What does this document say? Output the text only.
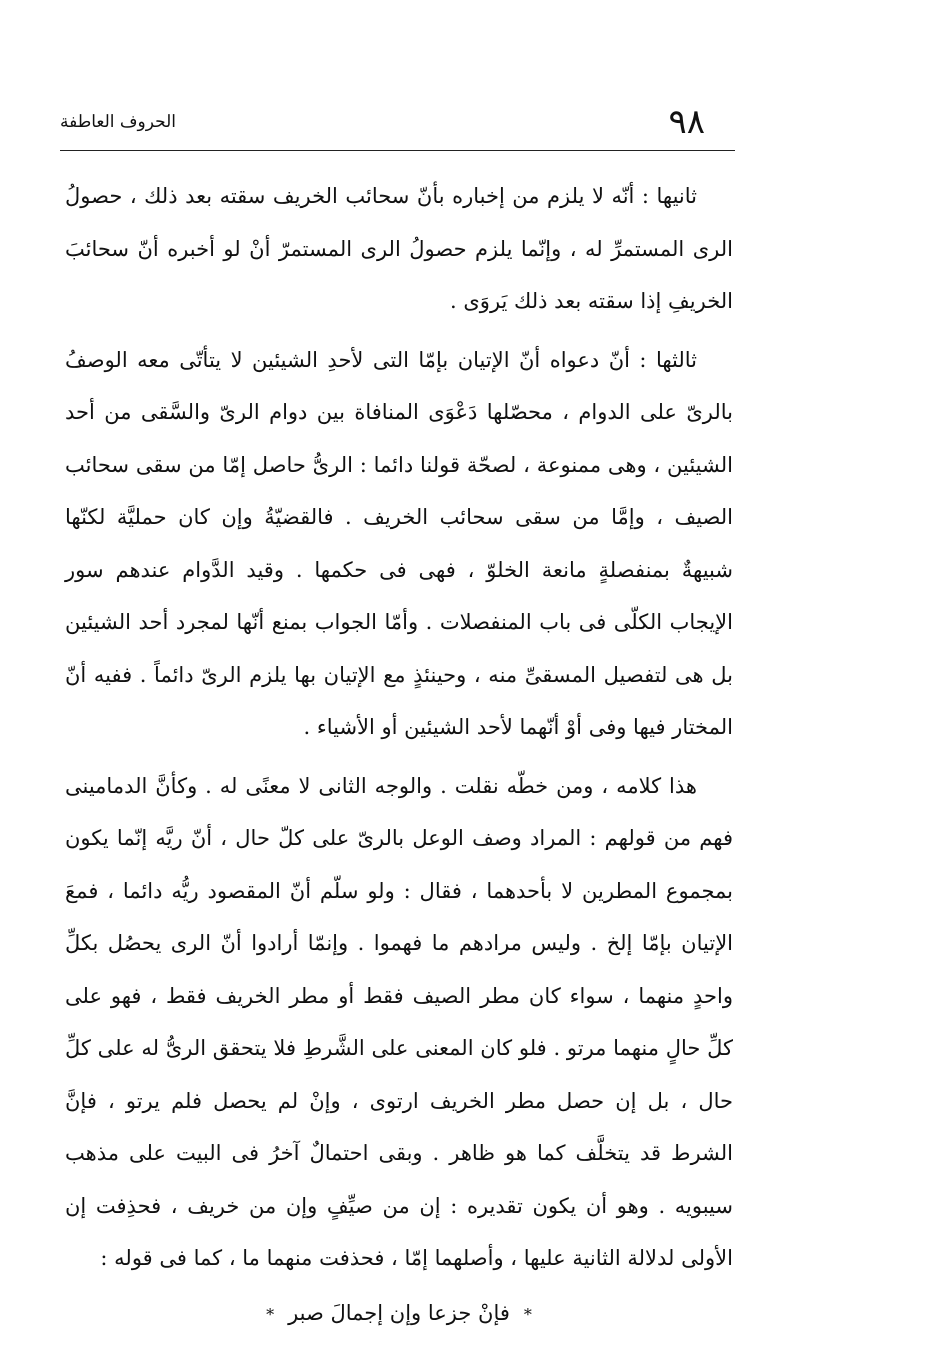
٩٨
الحروف العاطفة

ثانيها : أنّه لا يلزم من إخباره بأنّ سحائب الخريف سقته بعد ذلك ، حصولُ الرى المستمرِّ له ، وإنّما يلزم حصولُ الرى المستمرّ أنْ لو أخبره أنّ سحائبَ الخريفِ إذا سقته بعد ذلك يَروَى .

ثالثها : أنّ دعواه أنّ الإتيان بإمّا التى لأحدِ الشيئين لا يتأتّى معه الوصفُ بالرىّ على الدوام ، محصّلها دَعْوَى المنافاة بين دوام الرىّ والسَّقى من أحد الشيئين ، وهى ممنوعة ، لصحّة قولنا دائما : الرىُّ حاصل إمّا من سقى سحائب الصيف ، وإمَّا من سقى سحائب الخريف . فالقضيّةُ وإن كان حمليَّة لكنّها شبيهةٌ بمنفصلةٍ مانعة الخلوّ ، فهى فى حكمها . وقيد الدَّوام عندهم سور الإيجاب الكلّى فى باب المنفصلات . وأمّا الجواب بمنع أنّها لمجرد أحد الشيئين بل هى لتفصيل المسقىِّ منه ، وحينئذٍ مع الإتيان بها يلزم الرىّ دائماً . ففيه أنّ المختار فيها وفى أوْ أنّهما لأحد الشيئين أو الأشياء .

هذا كلامه ، ومن خطّه نقلت . والوجه الثانى لا معنًى له . وكأنَّ الدمامينى فهم من قولهم : المراد وصف الوعل بالرىّ على كلّ حال ، أنّ ريَّه إنّما يكون بمجموع المطرين لا بأحدهما ، فقال : ولو سلّم أنّ المقصود ريُّه دائما ، فمعَ الإتيان بإمّا إلخ . وليس مرادهم ما فهموا . وإنمّا أرادوا أنّ الرى يحصُل بكلِّ واحدٍ منهما ، سواء كان مطر الصيف فقط أو مطر الخريف فقط ، فهو على كلِّ حالٍ منهما مرتو . فلو كان المعنى على الشَّرطِ فلا يتحقق الرىُّ له على كلِّ حال ، بل إن حصل مطر الخريف ارتوى ، وإنْ لم يحصل فلم يرتو ، فإنَّ الشرط قد يتخلَّف كما هو ظاهر . وبقى احتمالٌ آخرُ فى البيت على مذهب سيبويه . وهو أن يكون تقديره : إن من صيِّفٍ وإن من خريف ، فحذِفت إن الأولى لدلالة الثانية عليها ، وأصلهما إمّا ، فحذفت منهما ما ، كما فى قوله :

*فإنْ جزعا وإن إجمالَ صبر*
